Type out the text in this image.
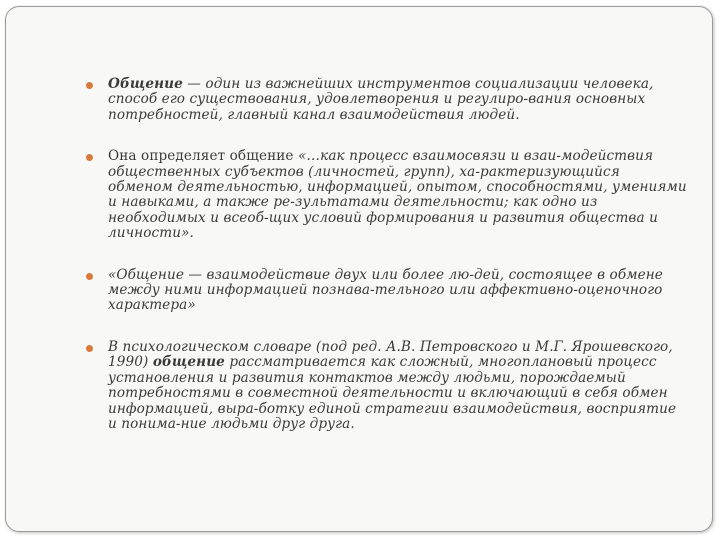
Общение — один из важнейших инструментов социализации человека, способ его существования, удовлетворения и регулиро-вания основных потребностей, главный канал взаимодействия людей.
Она определяет общение «…как процесс взаимосвязи и взаи-модействия общественных субъектов (личностей, групп), ха-рактеризующийся обменом деятельностью, информацией, опытом, способностями, умениями и навыками, а также ре-зультатами деятельности; как одно из необходимых и всеоб-щих условий формирования и развития общества и личности».
«Общение — взаимодействие двух или более лю-дей, состоящее в обмене между ними информацией познава-тельного или аффективно-оценочного характера»
В психологическом словаре (под ред. А.В. Петровского и М.Г. Ярошевского, 1990) общение рассматривается как сложный, многоплановый процесс установления и развития контактов между людьми, порождаемый потребностями в совместной деятельности и включающий в себя обмен информацией, выра-ботку единой стратегии взаимодействия, восприятие и понима-ние людьми друг друга.
